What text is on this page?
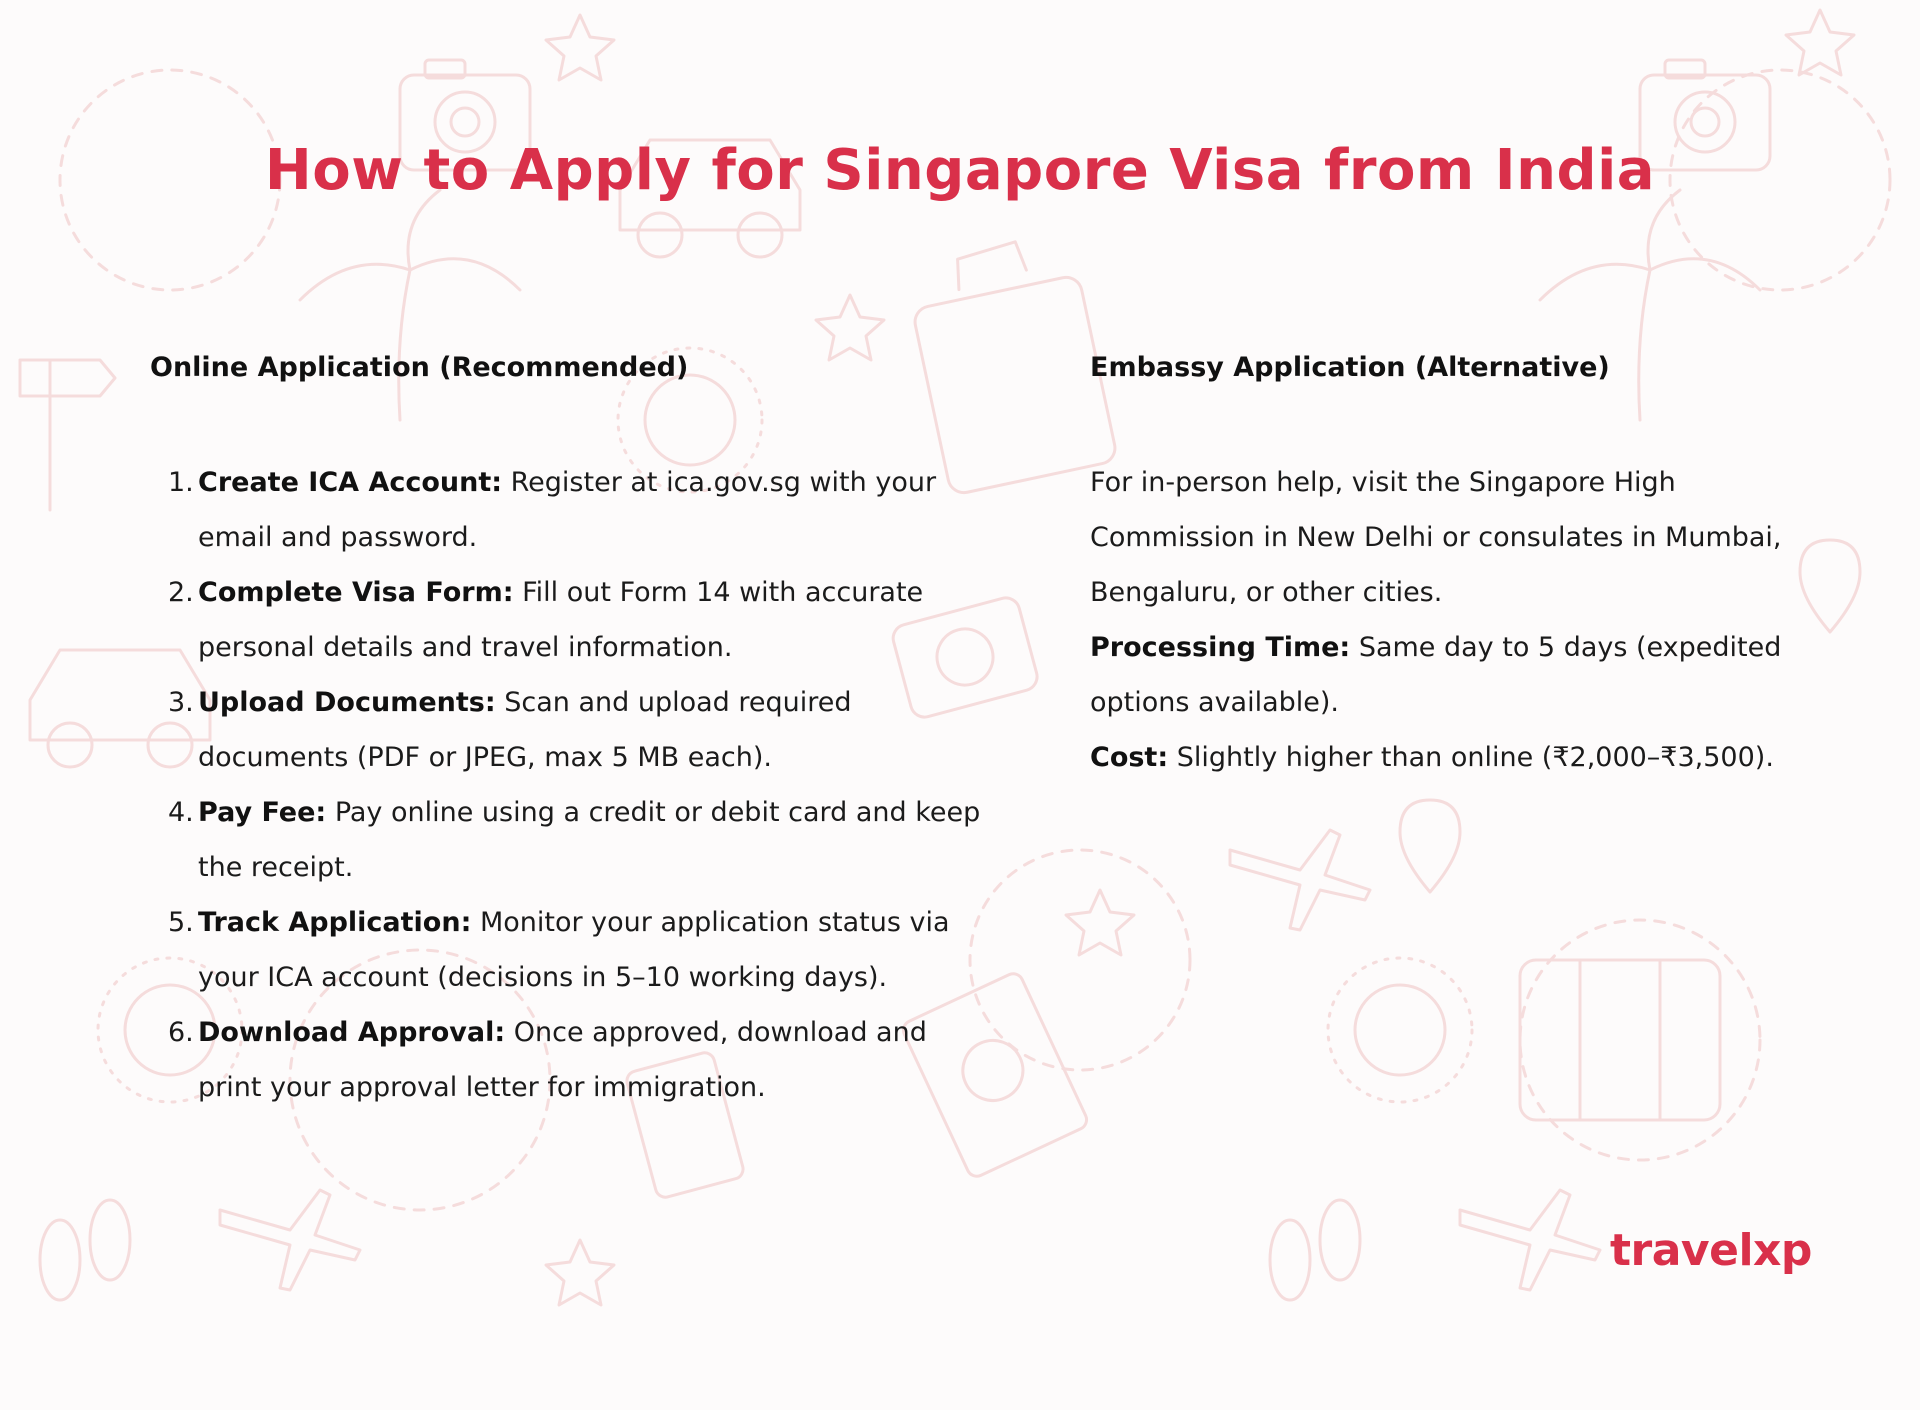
How to Apply for Singapore Visa from India
Online Application (Recommended)
1. Create ICA Account: Register at ica.gov.sg with your email and password.
2. Complete Visa Form: Fill out Form 14 with accurate personal details and travel information.
3. Upload Documents: Scan and upload required documents (PDF or JPEG, max 5 MB each).
4. Pay Fee: Pay online using a credit or debit card and keep the receipt.
5. Track Application: Monitor your application status via your ICA account (decisions in 5–10 working days).
6. Download Approval: Once approved, download and print your approval letter for immigration.
Embassy Application (Alternative)

For in-person help, visit the Singapore High Commission in New Delhi or consulates in Mumbai, Bengaluru, or other cities.

Processing Time: Same day to 5 days (expedited options available).

Cost: Slightly higher than online (₹2,000–₹3,500).

travelxp
